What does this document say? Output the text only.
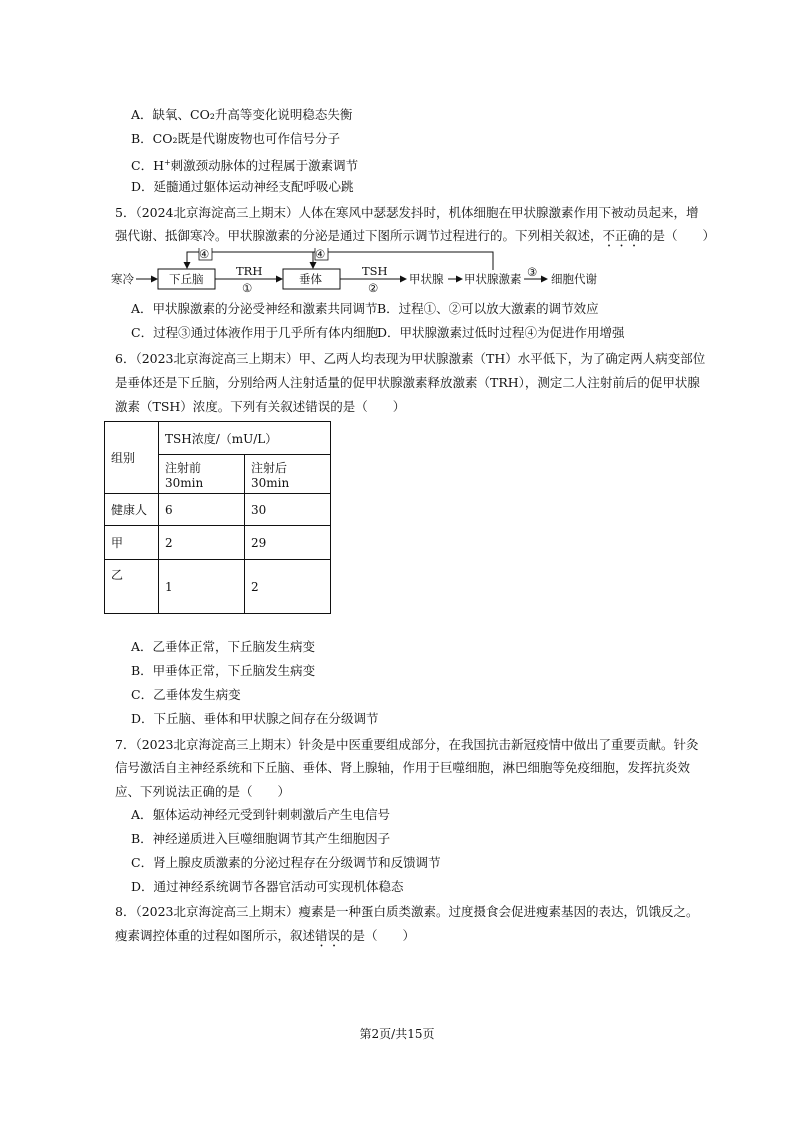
A．缺氧、CO₂升高等变化说明稳态失衡
B．CO₂既是代谢废物也可作信号分子
C．H+刺激颈动脉体的过程属于激素调节
D．延髓通过躯体运动神经支配呼吸心跳
5．（2024北京海淀高三上期末）人体在寒风中瑟瑟发抖时，机体细胞在甲状腺激素作用下被动员起来，增
强代谢、抵御寒冷。甲状腺激素的分泌是通过下图所示调节过程进行的。下列相关叙述，不正确的是（　　）
寒冷	下丘脑
TRH
①
垂体
TSH
②
甲状腺 甲状腺激素 ③ 细胞代谢
④	④
A．甲状腺激素的分泌受神经和激素共同调节 B．过程①、②可以放大激素的调节效应
C．过程③通过体液作用于几乎所有体内细胞
D．甲状腺激素过低时过程④为促进作用增强
6．（2023北京海淀高三上期末）甲、乙两人均表现为甲状腺激素（TH）水平低下，为了确定两人病变部位
是垂体还是下丘脑，分别给两人注射适量的促甲状腺激素释放激素（TRH），测定二人注射前后的促甲状腺
激素（TSH）浓度。下列有关叙述错误的是（　　）
组别	TSH浓度/（mU/L）	
	注射前30min	注射后30min
健康人	6	30
甲	2	29
乙	1	2
A．乙垂体正常，下丘脑发生病变
B．甲垂体正常，下丘脑发生病变
C．乙垂体发生病变
D．下丘脑、垂体和甲状腺之间存在分级调节
7．（2023北京海淀高三上期末）针灸是中医重要组成部分，在我国抗击新冠疫情中做出了重要贡献。针灸
信号激活自主神经系统和下丘脑、垂体、肾上腺轴，作用于巨噬细胞，淋巴细胞等免疫细胞，发挥抗炎效
应、下列说法正确的是（　　）
A．躯体运动神经元受到针刺刺激后产生电信号
B．神经递质进入巨噬细胞调节其产生细胞因子
C．肾上腺皮质激素的分泌过程存在分级调节和反馈调节
D．通过神经系统调节各器官活动可实现机体稳态
8．（2023北京海淀高三上期末）瘦素是一种蛋白质类激素。过度摄食会促进瘦素基因的表达，饥饿反之。
瘦素调控体重的过程如图所示，叙述错误的是（　　）
第2页/共15页
